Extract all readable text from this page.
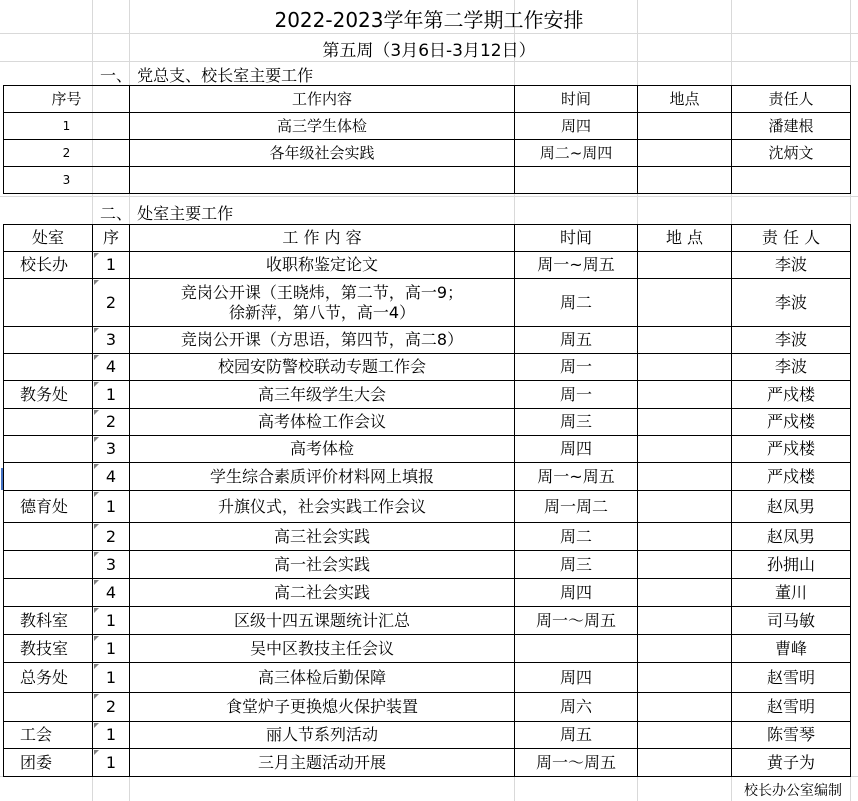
2022-2023学年第二学期工作安排
第五周（3月6日-3月12日）
一、 党总支、校长室主要工作
序号	工作内容	时间	地点	责任人
1	高三学生体检	周四		潘建根
2	各年级社会实践	周二~周四		沈炳文
3				
二、 处室主要工作
处室	序	工 作 内 容	时间	地 点	责 任 人
校长办	1	收职称鉴定论文	周一~周五		李波
	2	竞岗公开课（王晓炜，第二节，高一9；
徐新萍，第八节，高一4）	周二		李波
	3	竞岗公开课（方思语，第四节，高二8）	周五		李波
	4	校园安防警校联动专题工作会	周一		李波
教务处	1	高三年级学生大会	周一		严戍楼
	2	高考体检工作会议	周三		严戍楼
	3	高考体检	周四		严戍楼
	4	学生综合素质评价材料网上填报	周一~周五		严戍楼
德育处	1	升旗仪式，社会实践工作会议	周一周二		赵凤男
	2	高三社会实践	周二		赵凤男
	3	高一社会实践	周三		孙拥山
	4	高二社会实践	周四		董川
教科室	1	区级十四五课题统计汇总	周一～周五		司马敏
教技室	1	吴中区教技主任会议			曹峰
总务处	1	高三体检后勤保障	周四		赵雪明
	2	食堂炉子更换熄火保护装置	周六		赵雪明
工会	1	丽人节系列活动	周五		陈雪琴
团委	1	三月主题活动开展	周一～周五		黄子为
校长办公室编制
